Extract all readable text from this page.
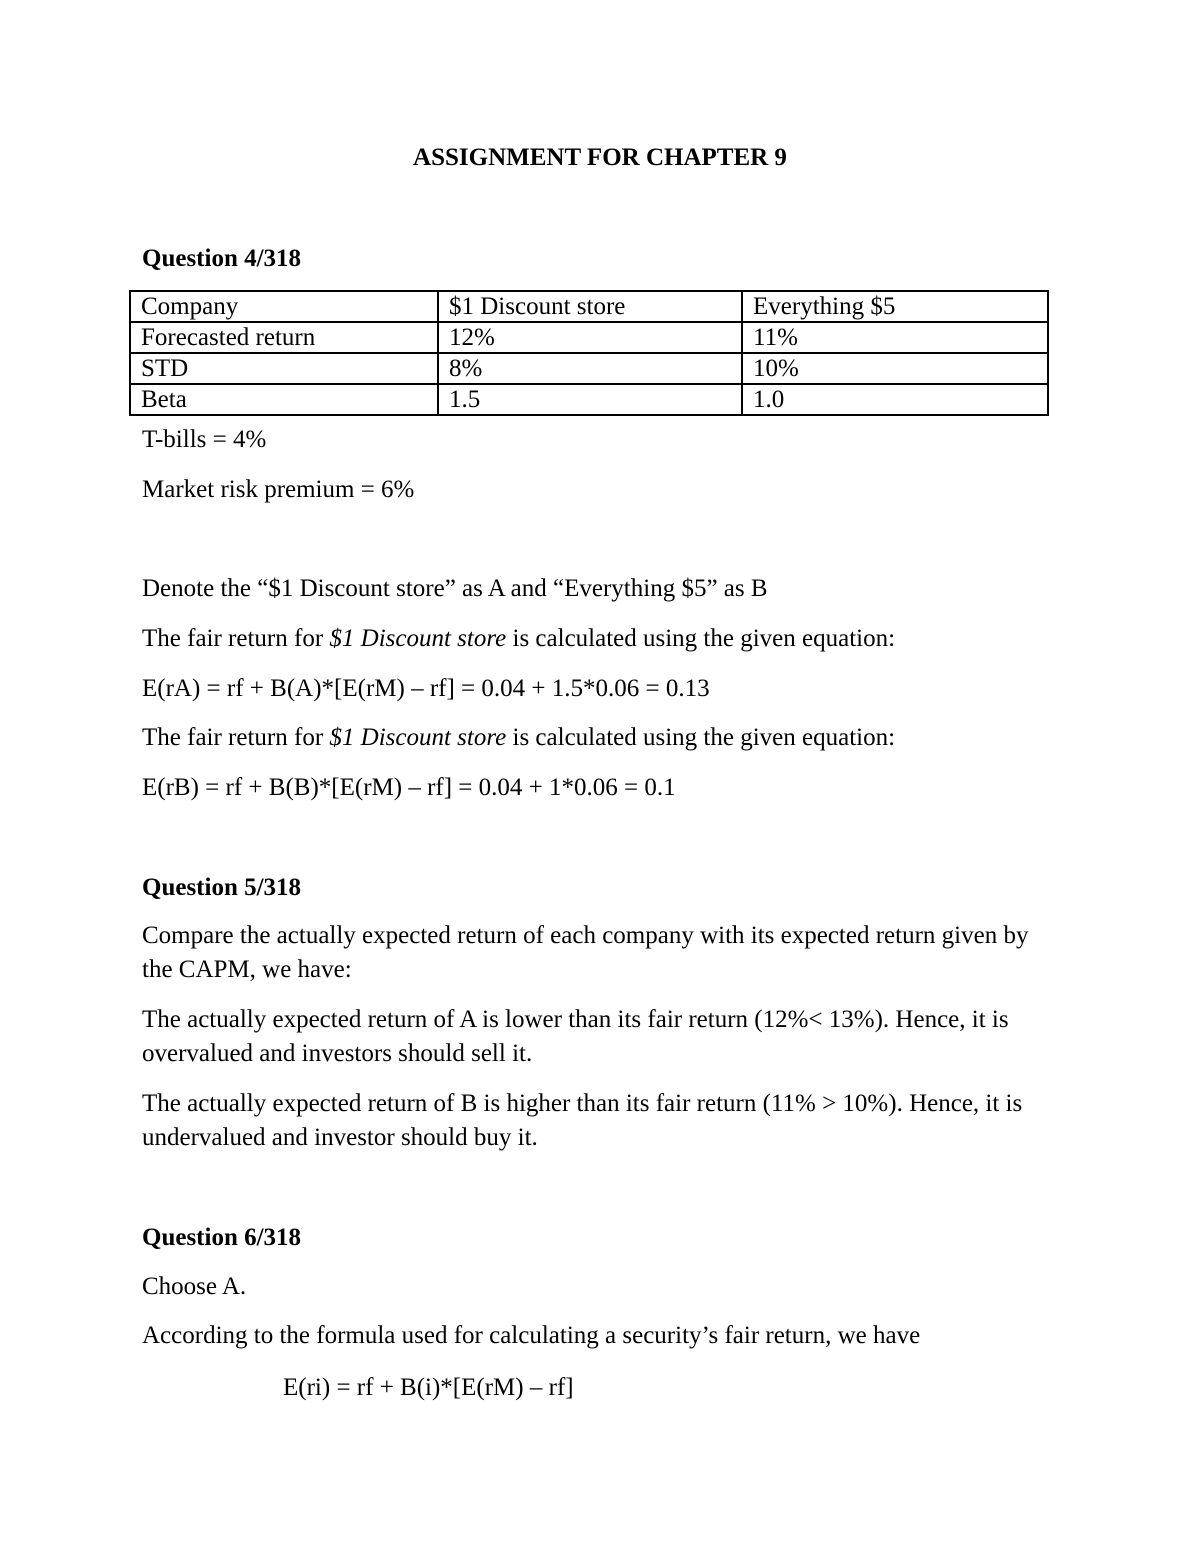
ASSIGNMENT FOR CHAPTER 9
Question 4/318
Company	$1 Discount store	Everything $5
Forecasted return	12%	11%
STD	8%	10%
Beta	1.5	1.0
T-bills = 4%
Market risk premium = 6%
Denote the “$1 Discount store” as A and “Everything $5” as B
The fair return for $1 Discount store is calculated using the given equation:
E(rA) = rf + B(A)*[E(rM) – rf] = 0.04 + 1.5*0.06 = 0.13
The fair return for $1 Discount store is calculated using the given equation:
E(rB) = rf + B(B)*[E(rM) – rf] = 0.04 + 1*0.06 = 0.1
Question 5/318
Compare the actually expected return of each company with its expected return given by the CAPM, we have:
The actually expected return of A is lower than its fair return (12%< 13%). Hence, it is overvalued and investors should sell it.
The actually expected return of B is higher than its fair return (11% > 10%). Hence, it is undervalued and investor should buy it.
Question 6/318
Choose A.
According to the formula used for calculating a security’s fair return, we have
E(ri) = rf + B(i)*[E(rM) – rf]
